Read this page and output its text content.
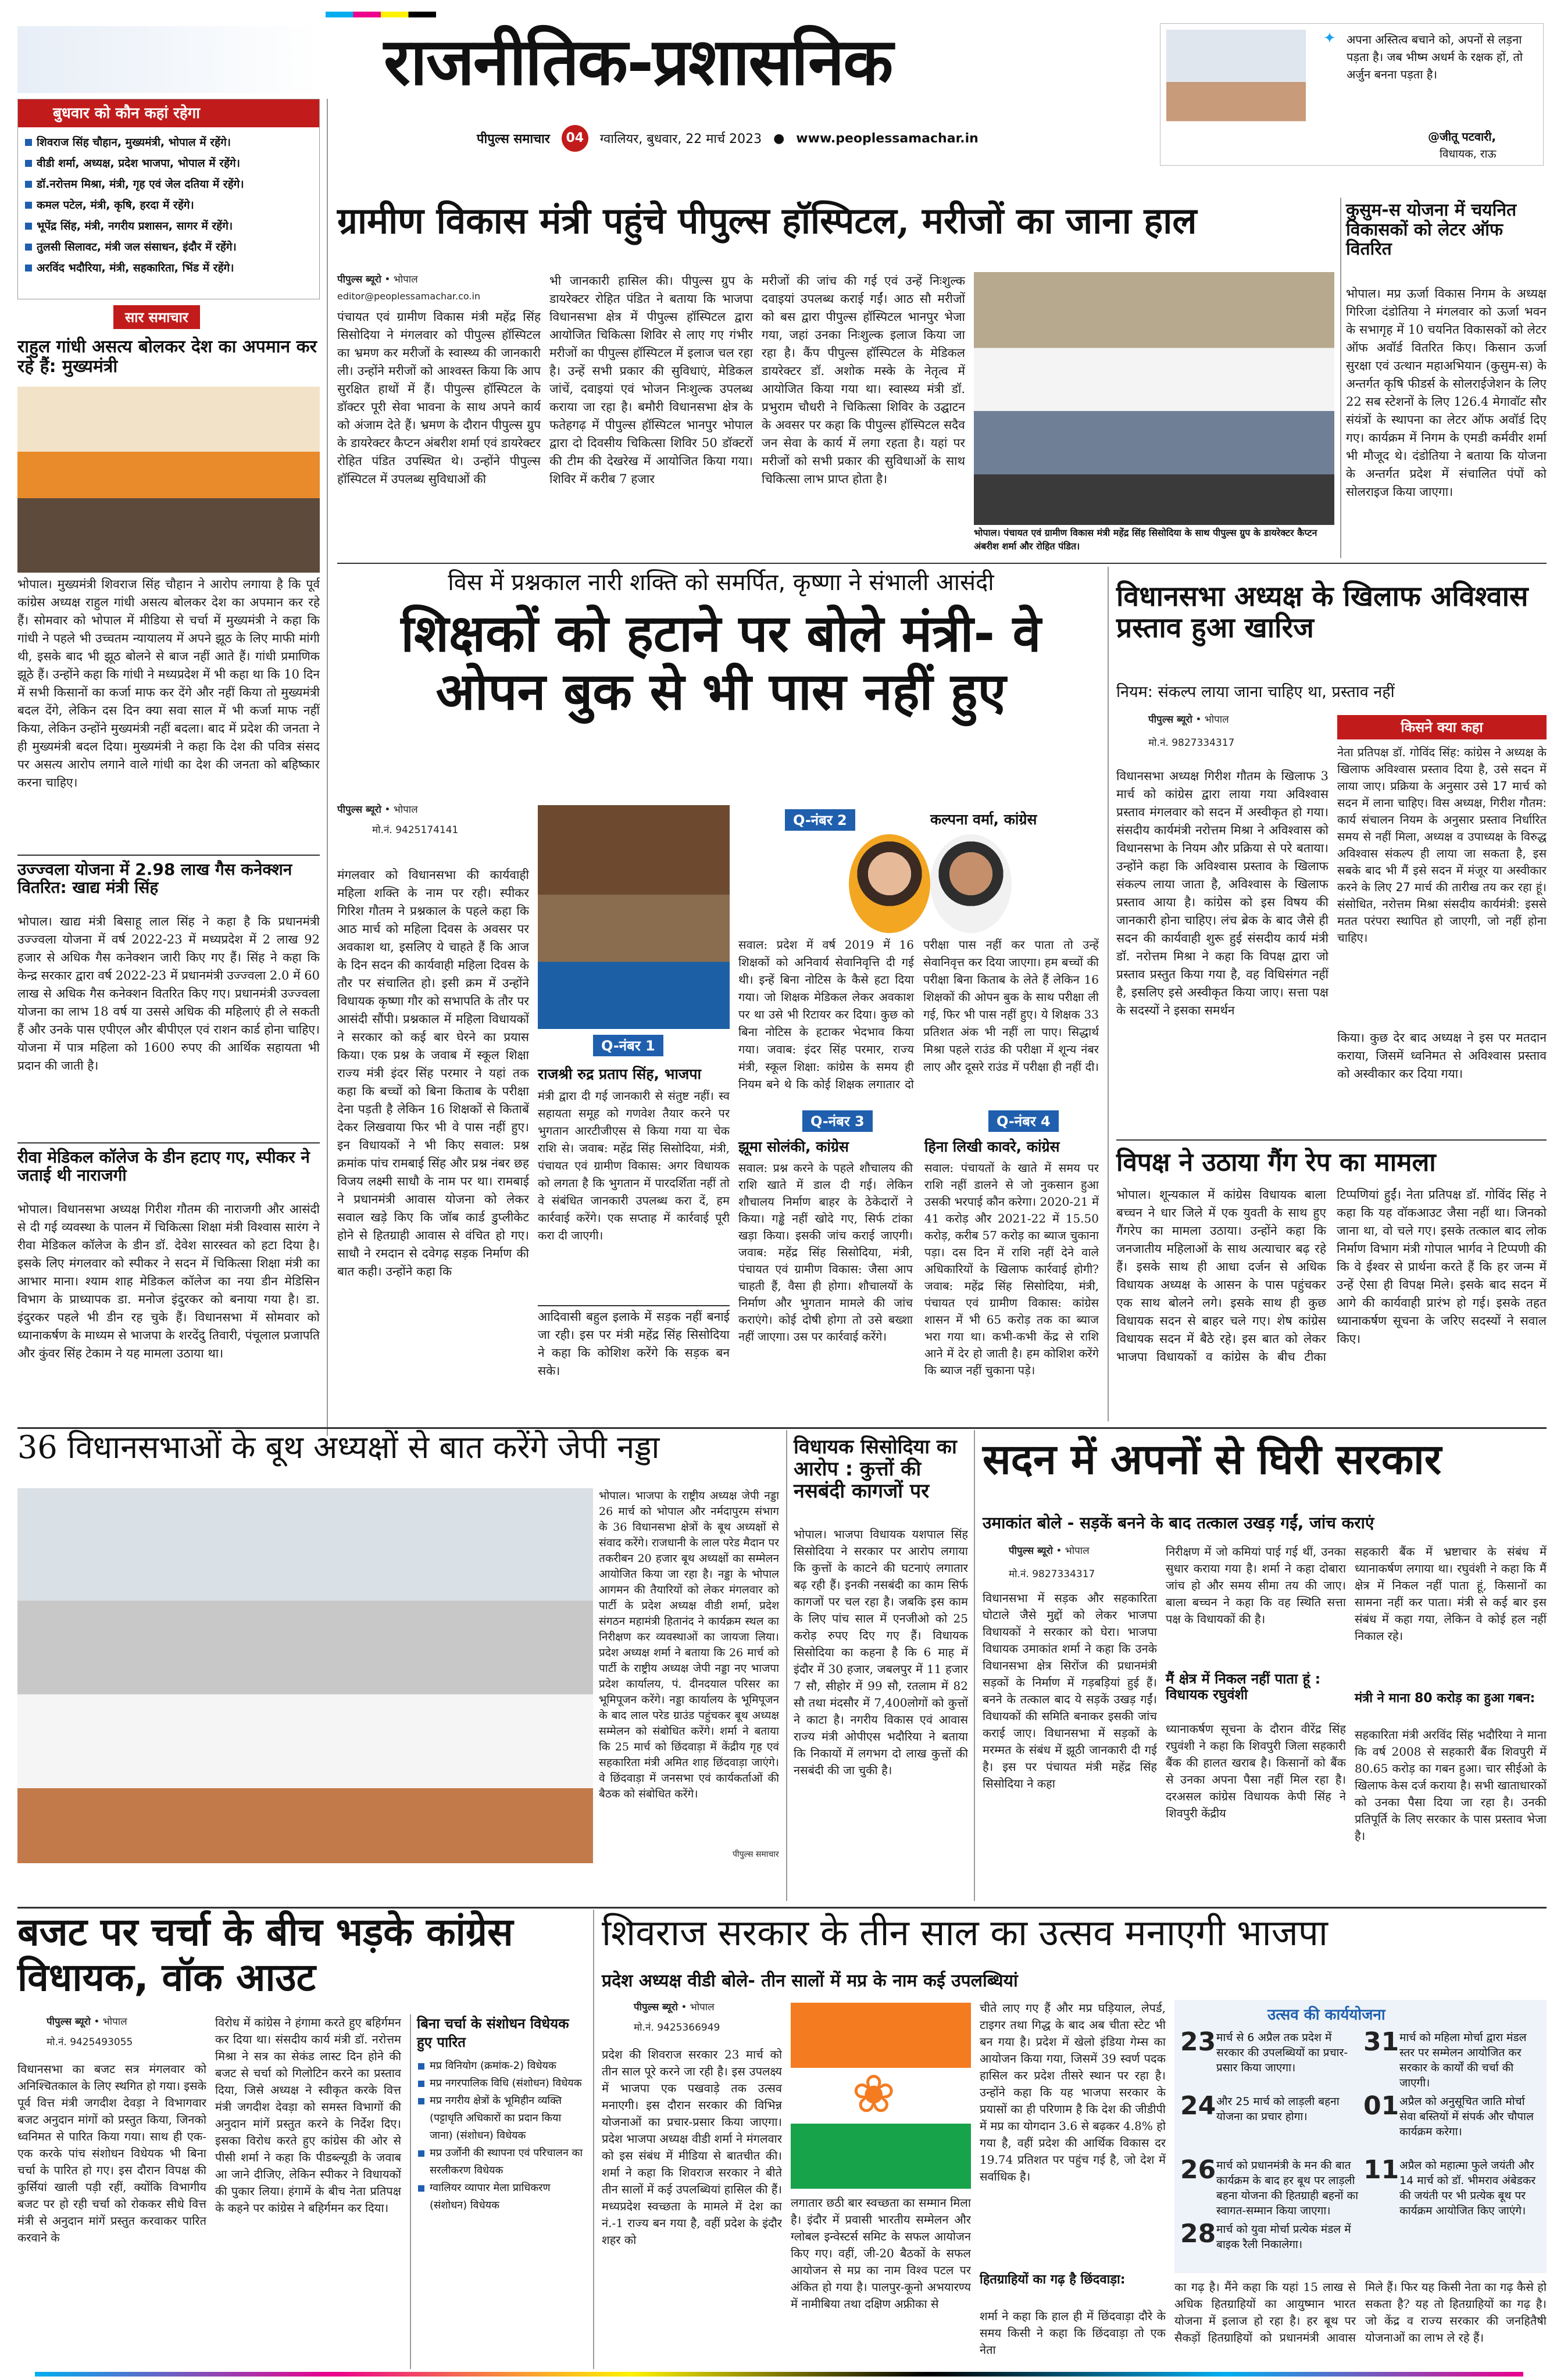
राजनीतिक-प्रशासनिक
पीपुल्स समाचार	04	ग्वालियर, बुधवार, 22 मार्च 2023 ● www.peoplessamachar.in
✦ अपना अस्तित्व बचाने को, अपनों से लड़ना पड़ता है। जब भीष्म अधर्म के रक्षक हों, तो अर्जुन बनना पड़ता है।
@जीतू पटवारी,
विधायक, राऊ
बुधवार को कौन कहां रहेगा
शिवराज सिंह चौहान, मुख्यमंत्री, भोपाल में रहेंगे।
वीडी शर्मा, अध्यक्ष, प्रदेश भाजपा, भोपाल में रहेंगे।
डॉ.नरोत्तम मिश्रा, मंत्री, गृह एवं जेल दतिया में रहेंगे।
कमल पटेल, मंत्री, कृषि, हरदा में रहेंगे।
भूपेंद्र सिंह, मंत्री, नगरीय प्रशासन, सागर में रहेंगे।
तुलसी सिलावट, मंत्री जल संसाधन, इंदौर में रहेंगे।
अरविंद भदौरिया, मंत्री, सहकारिता, भिंड में रहेंगे।
सार समाचार
राहुल गांधी असत्य बोलकर देश का अपमान कर रहे हैं: मुख्यमंत्री
भोपाल। मुख्यमंत्री शिवराज सिंह चौहान ने आरोप लगाया है कि पूर्व कांग्रेस अध्यक्ष राहुल गांधी असत्य बोलकर देश का अपमान कर रहे हैं। सोमवार को भोपाल में मीडिया से चर्चा में मुख्यमंत्री ने कहा कि गांधी ने पहले भी उच्चतम न्यायालय में अपने झूठ के लिए माफी मांगी थी, इसके बाद भी झूठ बोलने से बाज नहीं आते हैं। गांधी प्रमाणिक झूठे हैं। उन्होंने कहा कि गांधी ने मध्यप्रदेश में भी कहा था कि 10 दिन में सभी किसानों का कर्जा माफ कर देंगे और नहीं किया तो मुख्यमंत्री बदल देंगे, लेकिन दस दिन क्या सवा साल में भी कर्जा माफ नहीं किया, लेकिन उन्होंने मुख्यमंत्री नहीं बदला। बाद में प्रदेश की जनता ने ही मुख्यमंत्री बदल दिया। मुख्यमंत्री ने कहा कि देश की पवित्र संसद पर असत्य आरोप लगाने वाले गांधी का देश की जनता को बहिष्कार करना चाहिए।
उज्ज्वला योजना में 2.98 लाख गैस कनेक्शन वितरित: खाद्य मंत्री सिंह
भोपाल। खाद्य मंत्री बिसाहू लाल सिंह ने कहा है कि प्रधानमंत्री उज्ज्वला योजना में वर्ष 2022-23 में मध्यप्रदेश में 2 लाख 92 हजार से अधिक गैस कनेक्शन जारी किए गए हैं। सिंह ने कहा कि केन्द्र सरकार द्वारा वर्ष 2022-23 में प्रधानमंत्री उज्ज्वला 2.0 में 60 लाख से अधिक गैस कनेक्शन वितरित किए गए। प्रधानमंत्री उज्ज्वला योजना का लाभ 18 वर्ष या उससे अधिक की महिलाएं ही ले सकती हैं और उनके पास एपीएल और बीपीएल एवं राशन कार्ड होना चाहिए। योजना में पात्र महिला को 1600 रुपए की आर्थिक सहायता भी प्रदान की जाती है।
रीवा मेडिकल कॉलेज के डीन हटाए गए, स्पीकर ने जताई थी नाराजगी
भोपाल। विधानसभा अध्यक्ष गिरीश गौतम की नाराजगी और आसंदी से दी गई व्यवस्था के पालन में चिकित्सा शिक्षा मंत्री विश्वास सारंग ने रीवा मेडिकल कॉलेज के डीन डॉ. देवेश सारस्वत को हटा दिया है। इसके लिए मंगलवार को स्पीकर ने सदन में चिकित्सा शिक्षा मंत्री का आभार माना। श्याम शाह मेडिकल कॉलेज का नया डीन मेडिसिन विभाग के प्राध्यापक डा. मनोज इंदुरकर को बनाया गया है। डा. इंदुरकर पहले भी डीन रह चुके हैं। विधानसभा में सोमवार को ध्यानाकर्षण के माध्यम से भाजपा के शरदेंदु तिवारी, पंचूलाल प्रजापति और कुंवर सिंह टेकाम ने यह मामला उठाया था।
ग्रामीण विकास मंत्री पहुंचे पीपुल्स हॉस्पिटल, मरीजों का जाना हाल
पीपुल्स ब्यूरो • भोपाल
editor@peoplessamachar.co.in
पंचायत एवं ग्रामीण विकास मंत्री महेंद्र सिंह सिसोदिया ने मंगलवार को पीपुल्स हॉस्पिटल का भ्रमण कर मरीजों के स्वास्थ्य की जानकारी ली। उन्होंने मरीजों को आश्वस्त किया कि आप सुरक्षित हाथों में हैं। पीपुल्स हॉस्पिटल के डॉक्टर पूरी सेवा भावना के साथ अपने कार्य को अंजाम देते हैं। भ्रमण के दौरान पीपुल्स ग्रुप के डायरेक्टर कैप्टन अंबरीश शर्मा एवं डायरेक्टर रोहित पंडित उपस्थित थे। उन्होंने पीपुल्स हॉस्पिटल में उपलब्ध सुविधाओं की
भी जानकारी हासिल की। पीपुल्स ग्रुप के डायरेक्टर रोहित पंडित ने बताया कि भाजपा विधानसभा क्षेत्र में पीपुल्स हॉस्पिटल द्वारा आयोजित चिकित्सा शिविर से लाए गए गंभीर मरीजों का पीपुल्स हॉस्पिटल में इलाज चल रहा है। उन्हें सभी प्रकार की सुविधाएं, मेडिकल जांचें, दवाइयां एवं भोजन निःशुल्क उपलब्ध कराया जा रहा है। बमौरी विधानसभा क्षेत्र के फतेहगढ़ में पीपुल्स हॉस्पिटल भानपुर भोपाल द्वारा दो दिवसीय चिकित्सा शिविर 50 डॉक्टरों की टीम की देखरेख में आयोजित किया गया। शिविर में करीब 7 हजार
मरीजों की जांच की गई एवं उन्हें निःशुल्क दवाइयां उपलब्ध कराई गईं। आठ सौ मरीजों को बस द्वारा पीपुल्स हॉस्पिटल भानपुर भेजा गया, जहां उनका निःशुल्क इलाज किया जा रहा है। कैंप पीपुल्स हॉस्पिटल के मेडिकल डायरेक्टर डॉ. अशोक मस्के के नेतृत्व में आयोजित किया गया था। स्वास्थ्य मंत्री डॉ. प्रभुराम चौधरी ने चिकित्सा शिविर के उद्घाटन के अवसर पर कहा कि पीपुल्स हॉस्पिटल सदैव जन सेवा के कार्य में लगा रहता है। यहां पर मरीजों को सभी प्रकार की सुविधाओं के साथ चिकित्सा लाभ प्राप्त होता है।
भोपाल। पंचायत एवं ग्रामीण विकास मंत्री महेंद्र सिंह सिसोदिया के साथ पीपुल्स ग्रुप के डायरेक्टर कैप्टन अंबरीश शर्मा और रोहित पंडित।
कुसुम-स योजना में चयनित विकासकों को लेटर ऑफ वितरित
भोपाल। मप्र ऊर्जा विकास निगम के अध्यक्ष गिरिजा दंडोतिया ने मंगलवार को ऊर्जा भवन के सभागृह में 10 चयनित विकासकों को लेटर ऑफ अवॉर्ड वितरित किए। किसान ऊर्जा सुरक्षा एवं उत्थान महाअभियान (कुसुम-स) के अन्तर्गत कृषि फीडर्स के सोलराईजेशन के लिए 22 सब स्टेशनों के लिए 126.4 मेगावॉट सौर संयंत्रों के स्थापना का लेटर ऑफ अवॉर्ड दिए गए। कार्यक्रम में निगम के एमडी कर्मवीर शर्मा भी मौजूद थे। दंडोतिया ने बताया कि योजना के अन्तर्गत प्रदेश में संचालित पंपों को सोलराइज किया जाएगा।
विस में प्रश्नकाल नारी शक्ति को समर्पित, कृष्णा ने संभाली आसंदी
शिक्षकों को हटाने पर बोले मंत्री- वे ओपन बुक से भी पास नहीं हुए
पीपुल्स ब्यूरो • भोपाल
मो.नं. 9425174141
मंगलवार को विधानसभा की कार्यवाही महिला शक्ति के नाम पर रही। स्पीकर गिरिश गौतम ने प्रश्नकाल के पहले कहा कि आठ मार्च को महिला दिवस के अवसर पर अवकाश था, इसलिए ये चाहते हैं कि आज के दिन सदन की कार्यवाही महिला दिवस के तौर पर संचालित हो। इसी क्रम में उन्होंने विधायक कृष्णा गौर को सभापति के तौर पर आसंदी सौंपी। प्रश्नकाल में महिला विधायकों ने सरकार को कई बार घेरने का प्रयास किया। एक प्रश्न के जवाब में स्कूल शिक्षा राज्य मंत्री इंदर सिंह परमार ने यहां तक कहा कि बच्चों को बिना किताब के परीक्षा देना पड़ती है लेकिन 16 शिक्षकों से किताबें देकर लिखवाया फिर भी वे पास नहीं हुए। इन विधायकों ने भी किए सवाल: प्रश्न क्रमांक पांच रामबाई सिंह और प्रश्न नंबर छह विजय लक्ष्मी साधौ के नाम पर था। रामबाई ने प्रधानमंत्री आवास योजना को लेकर सवाल खड़े किए कि जॉब कार्ड डुप्लीकेट होने से हितग्राही आवास से वंचित हो गए। साधौ ने रमदान से दवेगढ़ सड़क निर्माण की बात कही। उन्होंने कहा कि
Q-नंबर 1
राजश्री रुद्र प्रताप सिंह, भाजपा
मंत्री द्वारा दी गई जानकारी से संतुष्ट नहीं। स्व सहायता समूह को गणवेश तैयार करने पर भुगतान आरटीजीएस से किया गया या चेक राशि से। जवाब: महेंद्र सिंह सिसोदिया, मंत्री, पंचायत एवं ग्रामीण विकास: अगर विधायक को लगता है कि भुगतान में पारदर्शिता नहीं तो वे संबंधित जानकारी उपलब्ध करा दें, हम कार्रवाई करेंगे। एक सप्ताह में कार्रवाई पूरी करा दी जाएगी।
आदिवासी बहुल इलाके में सड़क नहीं बनाई जा रही। इस पर मंत्री महेंद्र सिंह सिसोदिया ने कहा कि कोशिश करेंगे कि सड़क बन सके।
Q-नंबर 2	कल्पना वर्मा, कांग्रेस
सवाल: प्रदेश में वर्ष 2019 में 16 शिक्षकों को अनिवार्य सेवानिवृत्ति दी गई थी। इन्हें बिना नोटिस के कैसे हटा दिया गया। जो शिक्षक मेडिकल लेकर अवकाश पर था उसे भी रिटायर कर दिया। कुछ को बिना नोटिस के हटाकर भेदभाव किया गया। जवाब: इंदर सिंह परमार, राज्य मंत्री, स्कूल शिक्षा: कांग्रेस के समय ही नियम बने थे कि कोई शिक्षक लगातार दो परीक्षा पास नहीं कर पाता तो उन्हें सेवानिवृत्त कर दिया जाएगा। हम बच्चों की परीक्षा बिना किताब के लेते हैं लेकिन 16 शिक्षकों की ओपन बुक के साथ परीक्षा ली गई, फिर भी पास नहीं हुए। ये शिक्षक 33 प्रतिशत अंक भी नहीं ला पाए। सिद्धार्थ मिश्रा पहले राउंड की परीक्षा में शून्य नंबर लाए और दूसरे राउंड में परीक्षा ही नहीं दी।
Q-नंबर 3
झूमा सोलंकी, कांग्रेस
सवाल: प्रश्न करने के पहले शौचालय की राशि खाते में डाल दी गई। लेकिन शौचालय निर्माण बाहर के ठेकेदारों ने किया। गड्ढे नहीं खोदे गए, सिर्फ टांका खड़ा किया। इसकी जांच कराई जाएगी। जवाब: महेंद्र सिंह सिसोदिया, मंत्री, पंचायत एवं ग्रामीण विकास: जैसा आप चाहती हैं, वैसा ही होगा। शौचालयों के निर्माण और भुगतान मामले की जांच कराएंगे। कोई दोषी होगा तो उसे बख्शा नहीं जाएगा। उस पर कार्रवाई करेंगे।
Q-नंबर 4
हिना लिखी कावरे, कांग्रेस
सवाल: पंचायतों के खाते में समय पर राशि नहीं डालने से जो नुकसान हुआ उसकी भरपाई कौन करेगा। 2020-21 में 41 करोड़ और 2021-22 में 15.50 करोड़, करीब 57 करोड़ का ब्याज चुकाना पड़ा। दस दिन में राशि नहीं देने वाले अधिकारियों के खिलाफ कार्रवाई होगी? जवाब: महेंद्र सिंह सिसोदिया, मंत्री, पंचायत एवं ग्रामीण विकास: कांग्रेस शासन में भी 65 करोड़ तक का ब्याज भरा गया था। कभी-कभी केंद्र से राशि आने में देर हो जाती है। हम कोशिश करेंगे कि ब्याज नहीं चुकाना पड़े।
विधानसभा अध्यक्ष के खिलाफ अविश्वास प्रस्ताव हुआ खारिज
नियम: संकल्प लाया जाना चाहिए था, प्रस्ताव नहीं
पीपुल्स ब्यूरो • भोपाल
मो.नं. 9827334317
विधानसभा अध्यक्ष गिरीश गौतम के खिलाफ 3 मार्च को कांग्रेस द्वारा लाया गया अविश्वास प्रस्ताव मंगलवार को सदन में अस्वीकृत हो गया। संसदीय कार्यमंत्री नरोत्तम मिश्रा ने अविश्वास को विधानसभा के नियम और प्रक्रिया से परे बताया। उन्होंने कहा कि अविश्वास प्रस्ताव के खिलाफ संकल्प लाया जाता है, अविश्वास के खिलाफ प्रस्ताव आया है। कांग्रेस को इस विषय की जानकारी होना चाहिए। लंच ब्रेक के बाद जैसे ही सदन की कार्यवाही शुरू हुई संसदीय कार्य मंत्री डॉ. नरोत्तम मिश्रा ने कहा कि विपक्ष द्वारा जो प्रस्ताव प्रस्तुत किया गया है, वह विधिसंगत नहीं है, इसलिए इसे अस्वीकृत किया जाए। सत्ता पक्ष के सदस्यों ने इसका समर्थन
किसने क्या कहा
नेता प्रतिपक्ष डॉ. गोविंद सिंह: कांग्रेस ने अध्यक्ष के खिलाफ अविश्वास प्रस्ताव दिया है, उसे सदन में लाया जाए। प्रक्रिया के अनुसार उसे 17 मार्च को सदन में लाना चाहिए। विस अध्यक्ष, गिरीश गौतम: कार्य संचालन नियम के अनुसार प्रस्ताव निर्धारित समय से नहीं मिला, अध्यक्ष व उपाध्यक्ष के विरुद्ध अविश्वास संकल्प ही लाया जा सकता है, इस सबके बाद भी मैं इसे सदन में मंजूर या अस्वीकार करने के लिए 27 मार्च की तारीख तय कर रहा हूं। संसोधित, नरोत्तम मिश्रा संसदीय कार्यमंत्री: इससे मतत परंपरा स्थापित हो जाएगी, जो नहीं होना चाहिए।
किया। कुछ देर बाद अध्यक्ष ने इस पर मतदान कराया, जिसमें ध्वनिमत से अविश्वास प्रस्ताव को अस्वीकार कर दिया गया।
विपक्ष ने उठाया गैंग रेप का मामला
भोपाल। शून्यकाल में कांग्रेस विधायक बाला बच्चन ने धार जिले में एक युवती के साथ हुए गैंगरेप का मामला उठाया। उन्होंने कहा कि जनजातीय महिलाओं के साथ अत्याचार बढ़ रहे हैं। इसके साथ ही आधा दर्जन से अधिक विधायक अध्यक्ष के आसन के पास पहुंचकर एक साथ बोलने लगे। इसके साथ ही कुछ विधायक सदन से बाहर चले गए। शेष कांग्रेस विधायक सदन में बैठे रहे। इस बात को लेकर भाजपा विधायकों व कांग्रेस के बीच टीका टिप्पणियां हुईं। नेता प्रतिपक्ष डॉ. गोविंद सिंह ने कहा कि यह वॉकआउट जैसा नहीं था। जिनको जाना था, वो चले गए। इसके तत्काल बाद लोक निर्माण विभाग मंत्री गोपाल भार्गव ने टिप्पणी की कि वे ईश्वर से प्रार्थना करते हैं कि हर जन्म में उन्हें ऐसा ही विपक्ष मिले। इसके बाद सदन में आगे की कार्यवाही प्रारंभ हो गई। इसके तहत ध्यानाकर्षण सूचना के जरिए सदस्यों ने सवाल किए।
36 विधानसभाओं के बूथ अध्यक्षों से बात करेंगे जेपी नड्डा
भोपाल। भाजपा के राष्ट्रीय अध्यक्ष जेपी नड्डा 26 मार्च को भोपाल और नर्मदापुरम संभाग के 36 विधानसभा क्षेत्रों के बूथ अध्यक्षों से संवाद करेंगे। राजधानी के लाल परेड मैदान पर तकरीबन 20 हजार बूथ अध्यक्षों का सम्मेलन आयोजित किया जा रहा है। नड्डा के भोपाल आगमन की तैयारियों को लेकर मंगलवार को पार्टी के प्रदेश अध्यक्ष वीडी शर्मा, प्रदेश संगठन महामंत्री हितानंद ने कार्यक्रम स्थल का निरीक्षण कर व्यवस्थाओं का जायजा लिया। प्रदेश अध्यक्ष शर्मा ने बताया कि 26 मार्च को पार्टी के राष्ट्रीय अध्यक्ष जेपी नड्डा नए भाजपा प्रदेश कार्यालय, पं. दीनदयाल परिसर का भूमिपूजन करेंगे। नड्डा कार्यालय के भूमिपूजन के बाद लाल परेड ग्राउंड पहुंचकर बूथ अध्यक्ष सम्मेलन को संबोधित करेंगे। शर्मा ने बताया कि 25 मार्च को छिंदवाड़ा में केंद्रीय गृह एवं सहकारिता मंत्री अमित शाह छिंदवाड़ा जाएंगे। वे छिंदवाड़ा में जनसभा एवं कार्यकर्ताओं की बैठक को संबोधित करेंगे।
पीपुल्स समाचार
विधायक सिसोदिया का आरोप : कुत्तों की नसबंदी कागजों पर
भोपाल। भाजपा विधायक यशपाल सिंह सिसोदिया ने सरकार पर आरोप लगाया कि कुत्तों के काटने की घटनाएं लगातार बढ़ रही हैं। इनकी नसबंदी का काम सिर्फ कागजों पर चल रहा है। जबकि इस काम के लिए पांच साल में एनजीओ को 25 करोड़ रुपए दिए गए हैं। विधायक सिसोदिया का कहना है कि 6 माह में इंदौर में 30 हजार, जबलपुर में 11 हजार 7 सौ, सीहोर में 99 सौ, रतलाम में 82 सौ तथा मंदसौर में 7,400लोगों को कुत्तों ने काटा है। नगरीय विकास एवं आवास राज्य मंत्री ओपीएस भदौरिया ने बताया कि निकायों में लगभग दो लाख कुत्तों की नसबंदी की जा चुकी है।
सदन में अपनों से घिरी सरकार
उमाकांत बोले - सड़कें बनने के बाद तत्काल उखड़ गईं, जांच कराएं
पीपुल्स ब्यूरो • भोपाल
मो.नं. 9827334317
विधानसभा में सड़क और सहकारिता घोटाले जैसे मुद्दों को लेकर भाजपा विधायकों ने सरकार को घेरा। भाजपा विधायक उमाकांत शर्मा ने कहा कि उनके विधानसभा क्षेत्र सिरोंज की प्रधानमंत्री सड़कों के निर्माण में गड़बड़ियां हुई हैं। बनने के तत्काल बाद ये सड़कें उखड़ गईं। विधायकों की समिति बनाकर इसकी जांच कराई जाए। विधानसभा में सड़कों के मरम्मत के संबंध में झूठी जानकारी दी गई है। इस पर पंचायत मंत्री महेंद्र सिंह सिसोदिया ने कहा
निरीक्षण में जो कमियां पाई गई थीं, उनका सुधार कराया गया है। शर्मा ने कहा दोबारा जांच हो और समय सीमा तय की जाए। बाला बच्चन ने कहा कि वह स्थिति सत्ता पक्ष के विधायकों की है।
मैं क्षेत्र में निकल नहीं पाता हूं : विधायक रघुवंशी
ध्यानाकर्षण सूचना के दौरान वीरेंद्र सिंह रघुवंशी ने कहा कि शिवपुरी जिला सहकारी बैंक की हालत खराब है। किसानों को बैंक से उनका अपना पैसा नहीं मिल रहा है। दरअसल कांग्रेस विधायक केपी सिंह ने शिवपुरी केंद्रीय
सहकारी बैंक में भ्रष्टाचार के संबंध में ध्यानाकर्षण लगाया था। रघुवंशी ने कहा कि मैं क्षेत्र में निकल नहीं पाता हूं, किसानों का सामना नहीं कर पाता। मंत्री से कई बार इस संबंध में कहा गया, लेकिन वे कोई हल नहीं निकाल रहे।
मंत्री ने माना 80 करोड़ का हुआ गबन:
सहकारिता मंत्री अरविंद सिंह भदौरिया ने माना कि वर्ष 2008 से सहकारी बैंक शिवपुरी में 80.65 करोड़ का गबन हुआ। चार सीईओ के खिलाफ केस दर्ज कराया है। सभी खाताधारकों को उनका पैसा दिया जा रहा है। उनकी प्रतिपूर्ति के लिए सरकार के पास प्रस्ताव भेजा है।
बजट पर चर्चा के बीच भड़के कांग्रेस विधायक, वॉक आउट
पीपुल्स ब्यूरो • भोपाल
मो.नं. 9425493055
विधानसभा का बजट सत्र मंगलवार को अनिश्चितकाल के लिए स्थगित हो गया। इसके पूर्व वित्त मंत्री जगदीश देवड़ा ने विभागवार बजट अनुदान मांगों को प्रस्तुत किया, जिनको ध्वनिमत से पारित किया गया। साथ ही एक-एक करके पांच संशोधन विधेयक भी बिना चर्चा के पारित हो गए। इस दौरान विपक्ष की कुर्सियां खाली पड़ी रहीं, क्योंकि विभागीय बजट पर हो रही चर्चा को रोककर सीधे वित्त मंत्री से अनुदान मांगें प्रस्तुत करवाकर पारित करवाने के
विरोध में कांग्रेस ने हंगामा करते हुए बहिर्गमन कर दिया था। संसदीय कार्य मंत्री डॉ. नरोत्तम मिश्रा ने सत्र का सेकंड लास्ट दिन होने की बजट से चर्चा को गिलोटिन करने का प्रस्ताव दिया, जिसे अध्यक्ष ने स्वीकृत करके वित्त मंत्री जगदीश देवड़ा को समस्त विभागों की अनुदान मांगें प्रस्तुत करने के निर्देश दिए। इसका विरोध करते हुए कांग्रेस की ओर से पीसी शर्मा ने कहा कि पीडब्ल्यूडी के जवाब आ जाने दीजिए, लेकिन स्पीकर ने विधायकों की पुकार लिया। हंगामें के बीच नेता प्रतिपक्ष के कहने पर कांग्रेस ने बहिर्गमन कर दिया।
बिना चर्चा के संशोधन विधेयक हुए पारित
मप्र विनियोग (क्रमांक-2) विधेयक
मप्र नगरपालिक विधि (संशोधन) विधेयक
मप्र नगरीय क्षेत्रों के भूमिहीन व्यक्ति (पट्टाधृति अधिकारों का प्रदान किया जाना) (संशोधन) विधेयक
मप्र उर्जोनी की स्थापना एवं परिचालन का सरलीकरण विधेयक
ग्वालियर व्यापार मेला प्राधिकरण (संशोधन) विधेयक
शिवराज सरकार के तीन साल का उत्सव मनाएगी भाजपा
प्रदेश अध्यक्ष वीडी बोले- तीन सालों में मप्र के नाम कई उपलब्धियां
पीपुल्स ब्यूरो • भोपाल
मो.नं. 9425366949
प्रदेश की शिवराज सरकार 23 मार्च को तीन साल पूरे करने जा रही है। इस उपलक्ष्य में भाजपा एक पखवाड़े तक उत्सव मनाएगी। इस दौरान सरकार की विभिन्न योजनाओं का प्रचार-प्रसार किया जाएगा। प्रदेश भाजपा अध्यक्ष वीडी शर्मा ने मंगलवार को इस संबंध में मीडिया से बातचीत की। शर्मा ने कहा कि शिवराज सरकार ने बीते तीन सालों में कई उपलब्धियां हासिल की हैं। मध्यप्रदेश स्वच्छता के मामले में देश का नं.-1 राज्य बन गया है, वहीं प्रदेश के इंदौर शहर को
❀
लगातार छठी बार स्वच्छता का सम्मान मिला है। इंदौर में प्रवासी भारतीय सम्मेलन और ग्लोबल इन्वेस्टर्स समिट के सफल आयोजन किए गए। वहीं, जी-20 बैठकों के सफल आयोजन से मप्र का नाम विश्व पटल पर अंकित हो गया है। पालपुर-कूनो अभयारण्य में नामीबिया तथा दक्षिण अफ्रीका से
चीते लाए गए हैं और मप्र घड़ियाल, लेपर्ड, टाइगर तथा गिद्ध के बाद अब चीता स्टेट भी बन गया है। प्रदेश में खेलो इंडिया गेम्स का आयोजन किया गया, जिसमें 39 स्वर्ण पदक हासिल कर प्रदेश तीसरे स्थान पर रहा है। उन्होंने कहा कि यह भाजपा सरकार के प्रयासों का ही परिणाम है कि देश की जीडीपी में मप्र का योगदान 3.6 से बढ़कर 4.8% हो गया है, वहीं प्रदेश की आर्थिक विकास दर 19.74 प्रतिशत पर पहुंच गई है, जो देश में सर्वाधिक है।
हितग्राहियों का गढ़ है छिंदवाड़ा:
शर्मा ने कहा कि हाल ही में छिंदवाड़ा दौरे के समय किसी ने कहा कि छिंदवाड़ा तो एक नेता
उत्सव की कार्ययोजना
23 मार्च से 6 अप्रैल तक प्रदेश में सरकार की उपलब्धियों का प्रचार-प्रसार किया जाएगा।
24 और 25 मार्च को लाड़ली बहना योजना का प्रचार होगा।
26 मार्च को प्रधानमंत्री के मन की बात कार्यक्रम के बाद हर बूथ पर लाड़ली बहना योजना की हितग्राही बहनों का स्वागत-सम्मान किया जाएगा।
28 मार्च को युवा मोर्चा प्रत्येक मंडल में बाइक रैली निकालेगा।
31 मार्च को महिला मोर्चा द्वारा मंडल स्तर पर सम्मेलन आयोजित कर सरकार के कार्यों की चर्चा की जाएगी।
01 अप्रैल को अनुसूचित जाति मोर्चा सेवा बस्तियों में संपर्क और चौपाल कार्यक्रम करेगा।
11 अप्रैल को महात्मा फुले जयंती और 14 मार्च को डॉ. भीमराव अंबेडकर की जयंती पर भी प्रत्येक बूथ पर कार्यक्रम आयोजित किए जाएंगे।
का गढ़ है। मैंने कहा कि यहां 15 लाख से अधिक हितग्राहियों का आयुष्मान भारत योजना में इलाज हो रहा है। हर बूथ पर सैकड़ों हितग्राहियों को प्रधानमंत्री आवास मिले हैं। फिर यह किसी नेता का गढ़ कैसे हो सकता है? यह तो हितग्राहियों का गढ़ है। जो केंद्र व राज्य सरकार की जनहितैषी योजनाओं का लाभ ले रहे हैं।
